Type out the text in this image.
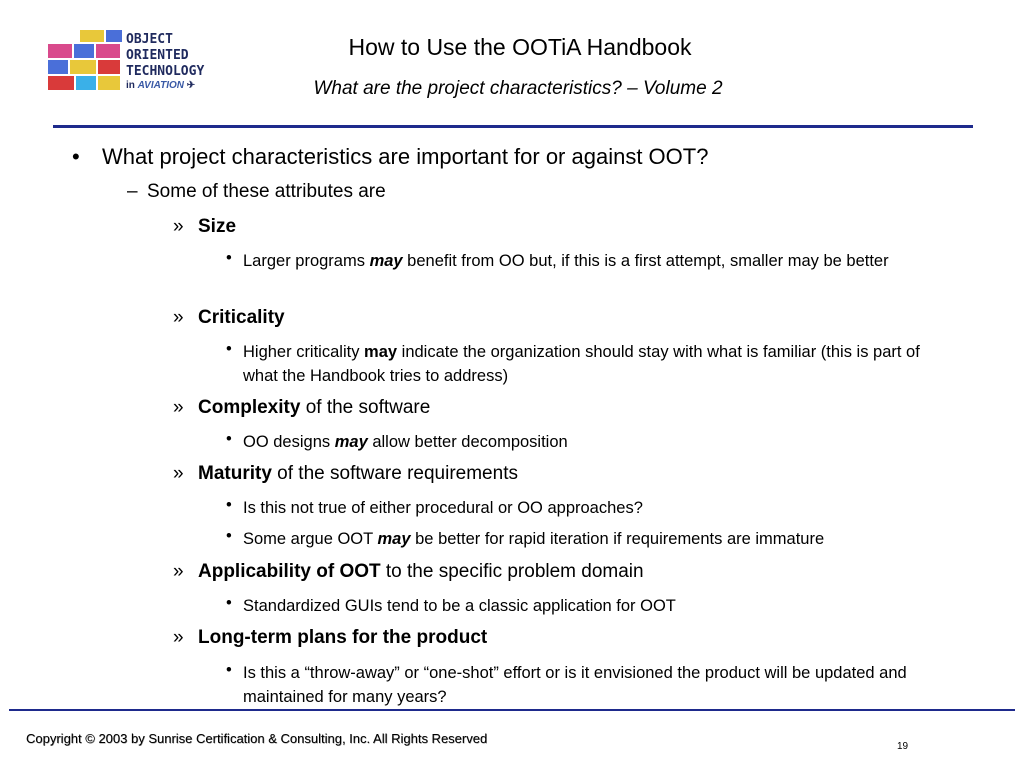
OBJECT
ORIENTED
TECHNOLOGY
in AVIATION ✈
How to Use the OOTiA Handbook
What are the project characteristics? – Volume 2
• What project characteristics are important for or against OOT?
– Some of these attributes are
» Size
• Larger programs may benefit from OO but, if this is a first attempt, smaller may be better
» Criticality
• Higher criticality may indicate the organization should stay with what is familiar (this is part of what the Handbook tries to address)
» Complexity of the software
• OO designs may allow better decomposition
» Maturity of the software requirements
• Is this not true of either procedural or OO approaches?
• Some argue OOT may be better for rapid iteration if requirements are immature
» Applicability of OOT to the specific problem domain
• Standardized GUIs tend to be a classic application for OOT
» Long-term plans for the product
• Is this a “throw-away” or “one-shot” effort or is it envisioned the product will be updated and maintained for many years?
Copyright © 2003 by Sunrise Certification & Consulting, Inc. All Rights Reserved
19
